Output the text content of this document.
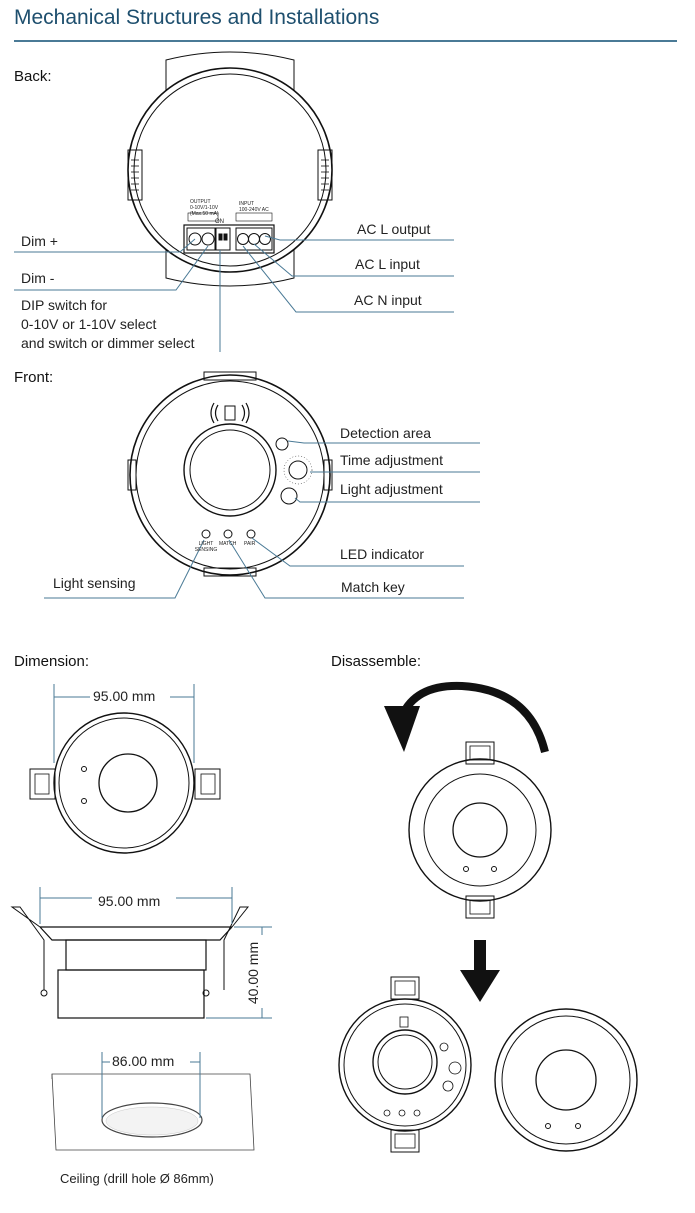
Mechanical Structures and Installations
Back:
Front:
Dimension:	Disassemble:
OUTPUT
0-10V/1-10V
(Max.50 mA)
ON
INPUT
100-240V AC
Dim +
Dim -
DIP switch for
0-10V or 1-10V select
and switch or dimmer select
AC L output
AC L input
AC N input
LIGHT SENSING
MATCH PAIR
Detection area
Time adjustment
Light adjustment
LED indicator
Light sensing	Match key
95.00 mm
95.00 mm
40.00 mm
86.00 mm
Ceiling (drill hole Ø 86mm)
